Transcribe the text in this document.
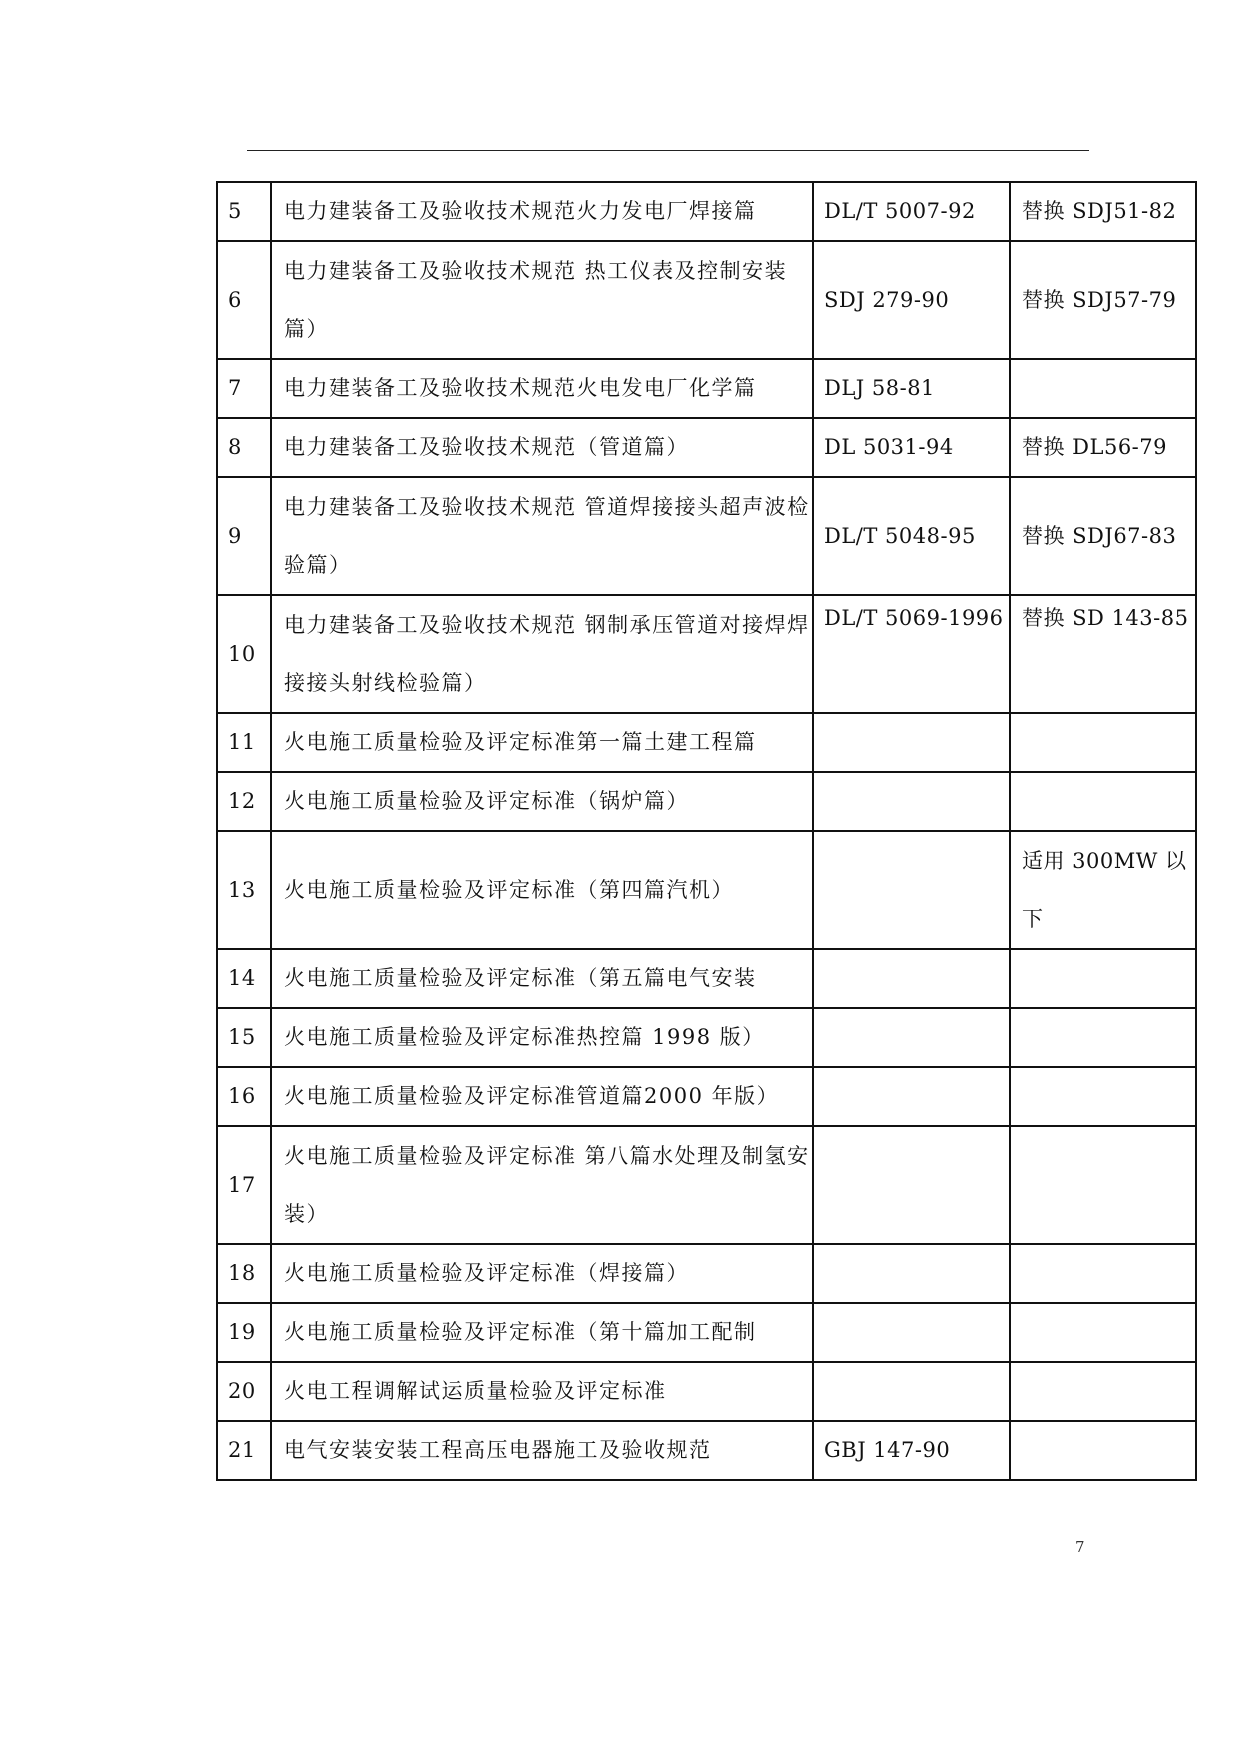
5	电力建装备工及验收技术规范火力发电厂焊接篇	DL/T 5007-92	替换 SDJ51-82
6	电力建装备工及验收技术规范 热工仪表及控制安装篇）	SDJ 279-90	替换 SDJ57-79
7	电力建装备工及验收技术规范火电发电厂化学篇	DLJ 58-81	
8	电力建装备工及验收技术规范（管道篇）	DL 5031-94	替换 DL56-79
9	电力建装备工及验收技术规范 管道焊接接头超声波检验篇）	DL/T 5048-95	替换 SDJ67-83
10	电力建装备工及验收技术规范 钢制承压管道对接焊焊接接头射线检验篇）	DL/T 5069-1996	替换 SD 143-85
11	火电施工质量检验及评定标准第一篇土建工程篇		
12	火电施工质量检验及评定标准（锅炉篇）		
13	火电施工质量检验及评定标准（第四篇汽机）		适用 300MW 以下
14	火电施工质量检验及评定标准（第五篇电气安装		
15	火电施工质量检验及评定标准热控篇 1998 版）		
16	火电施工质量检验及评定标准管道篇2000 年版）		
17	火电施工质量检验及评定标准 第八篇水处理及制氢安装）		
18	火电施工质量检验及评定标准（焊接篇）		
19	火电施工质量检验及评定标准（第十篇加工配制		
20	火电工程调解试运质量检验及评定标准		
21	电气安装安装工程高压电器施工及验收规范	GBJ 147-90	
7
